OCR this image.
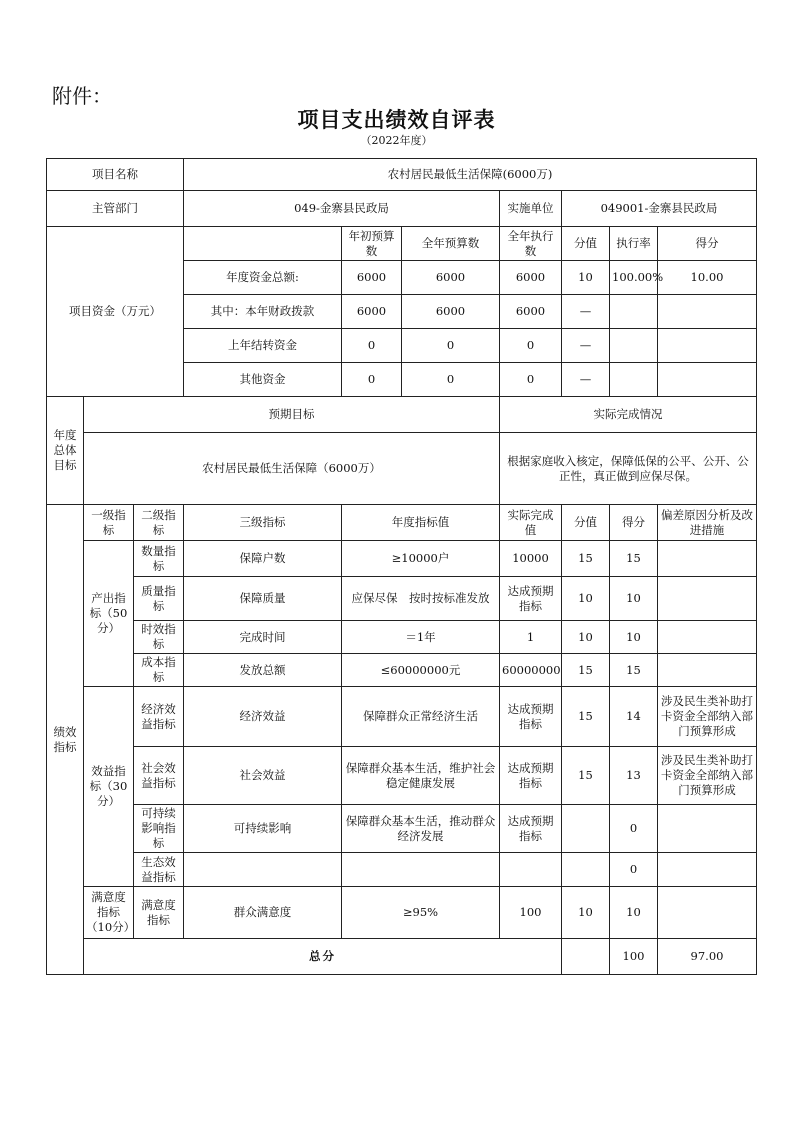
附件：
项目支出绩效自评表
（2022年度）
项目名称			农村居民最低生活保障(6000万)							
主管部门			049-金寨县民政局			实施单位	049001-金寨县民政局			
项目资金（万元）				年初预算数	全年预算数	全年执行数	分值	执行率	得分	
			年度资金总额:	6000	6000	6000	10	100.00%	10.00	
			其中：本年财政拨款	6000	6000	6000	—			
			上年结转资金	0	0	0	—			
			其他资金	0	0	0	—			
年度总体目标	预期目标					实际完成情况				
	农村居民最低生活保障（6000万）					根据家庭收入核定，保障低保的公平、公开、公正性，真正做到应保尽保。				
绩效指标	一级指标	二级指标	三级指标	年度指标值		实际完成值	分值	得分	偏差原因分析及改进措施	
	产出指标（50分）	数量指标	保障户数	≥10000户		10000	15	15		
		质量指标	保障质量	应保尽保　按时按标准发放		达成预期指标	10	10		
		时效指标	完成时间	＝1年		1	10	10		
		成本指标	发放总额	≤60000000元		60000000	15	15		
	效益指标（30分）	经济效益指标	经济效益	保障群众正常经济生活		达成预期指标	15	14	涉及民生类补助打卡资金全部纳入部门预算形成	
		社会效益指标	社会效益	保障群众基本生活，维护社会稳定健康发展		达成预期指标	15	13	涉及民生类补助打卡资金全部纳入部门预算形成	
		可持续影响指标	可持续影响	保障群众基本生活，推动群众经济发展		达成预期指标		0		
		生态效益指标						0		
	满意度指标（10分）	满意度指标	群众满意度	≥95%		100	10	10		
	总分							100	97.00	
